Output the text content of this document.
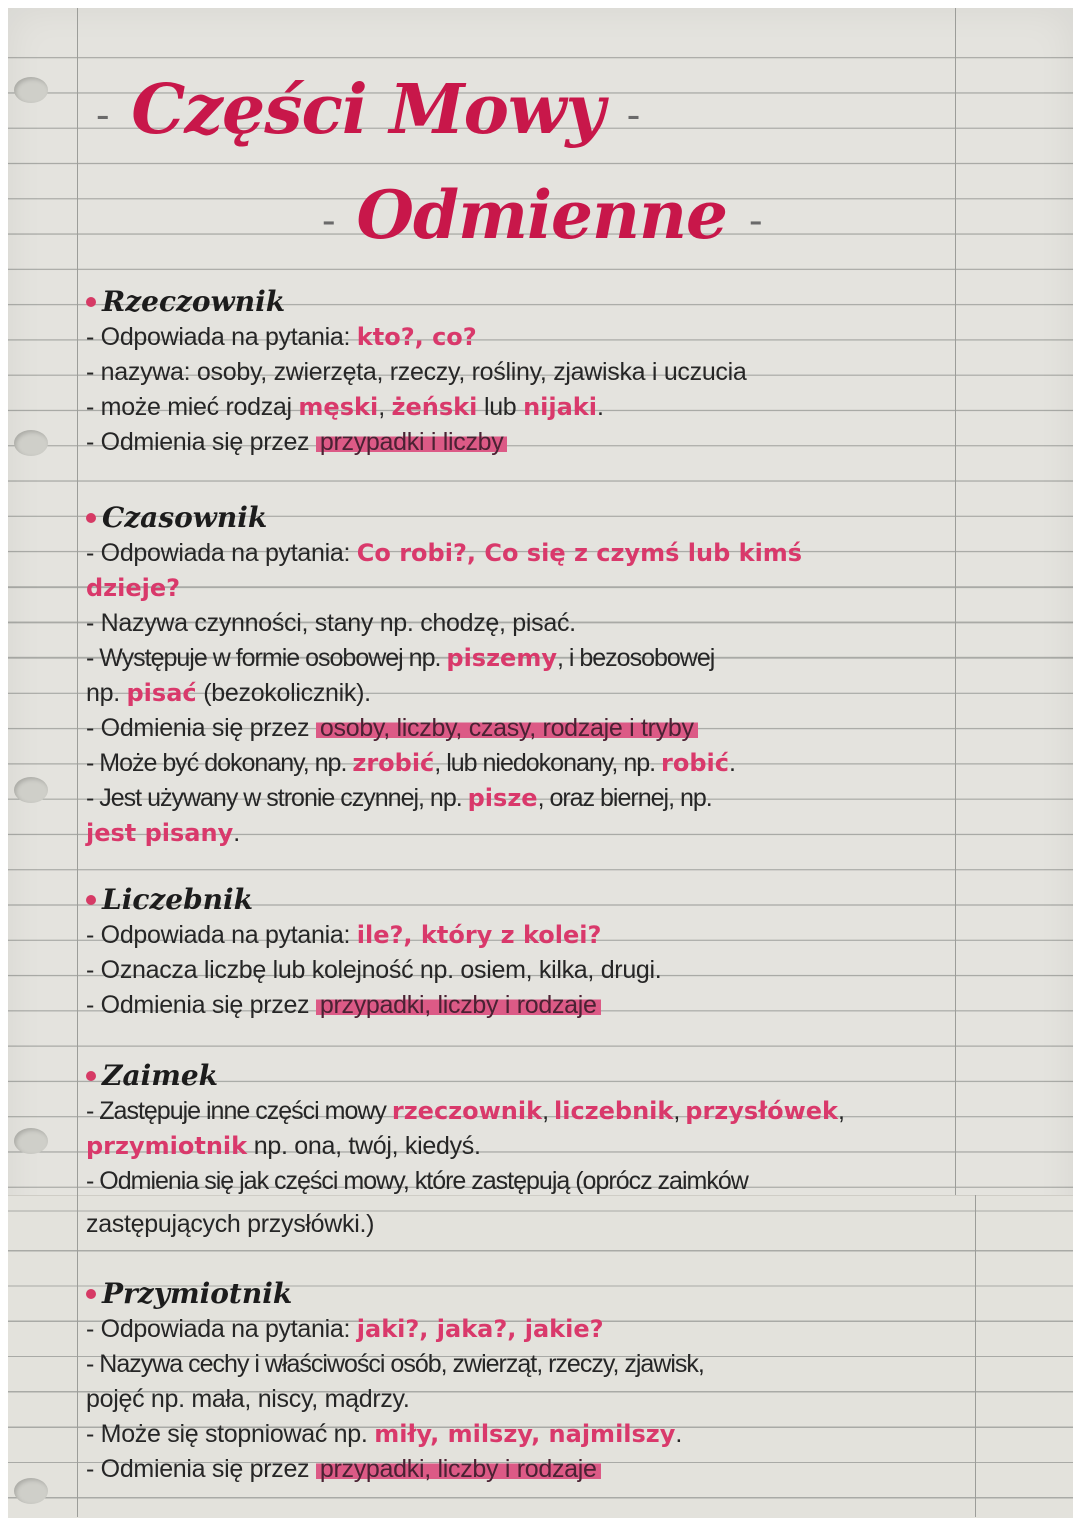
- Części Mowy -
- Odmienne -
Rzeczownik
- Odpowiada na pytania: kto?, co?
- nazywa: osoby, zwierzęta, rzeczy, rośliny, zjawiska i uczucia
- może mieć rodzaj męski, żeński lub nijaki.
- Odmienia się przez przypadki i liczby
Czasownik
- Odpowiada na pytania: Co robi?, Co się z czymś lub kimś
dzieje?
- Nazywa czynności, stany np. chodzę, pisać.
- Występuje w formie osobowej np. piszemy, i bezosobowej
np. pisać (bezokolicznik).
- Odmienia się przez osoby, liczby, czasy, rodzaje i tryby
- Może być dokonany, np. zrobić, lub niedokonany, np. robić.
- Jest używany w stronie czynnej, np. pisze, oraz biernej, np.
jest pisany.
Liczebnik
- Odpowiada na pytania: ile?, który z kolei?
- Oznacza liczbę lub kolejność np. osiem, kilka, drugi.
- Odmienia się przez przypadki, liczby i rodzaje
Zaimek
- Zastępuje inne części mowy rzeczownik, liczebnik, przysłówek,
przymiotnik np. ona, twój, kiedyś.
- Odmienia się jak części mowy, które zastępują (oprócz zaimków
zastępujących przysłówki.)
Przymiotnik
- Odpowiada na pytania: jaki?, jaka?, jakie?
- Nazywa cechy i właściwości osób, zwierząt, rzeczy, zjawisk,
pojęć np. mała, niscy, mądrzy.
- Może się stopniować np. miły, milszy, najmilszy.
- Odmienia się przez przypadki, liczby i rodzaje
